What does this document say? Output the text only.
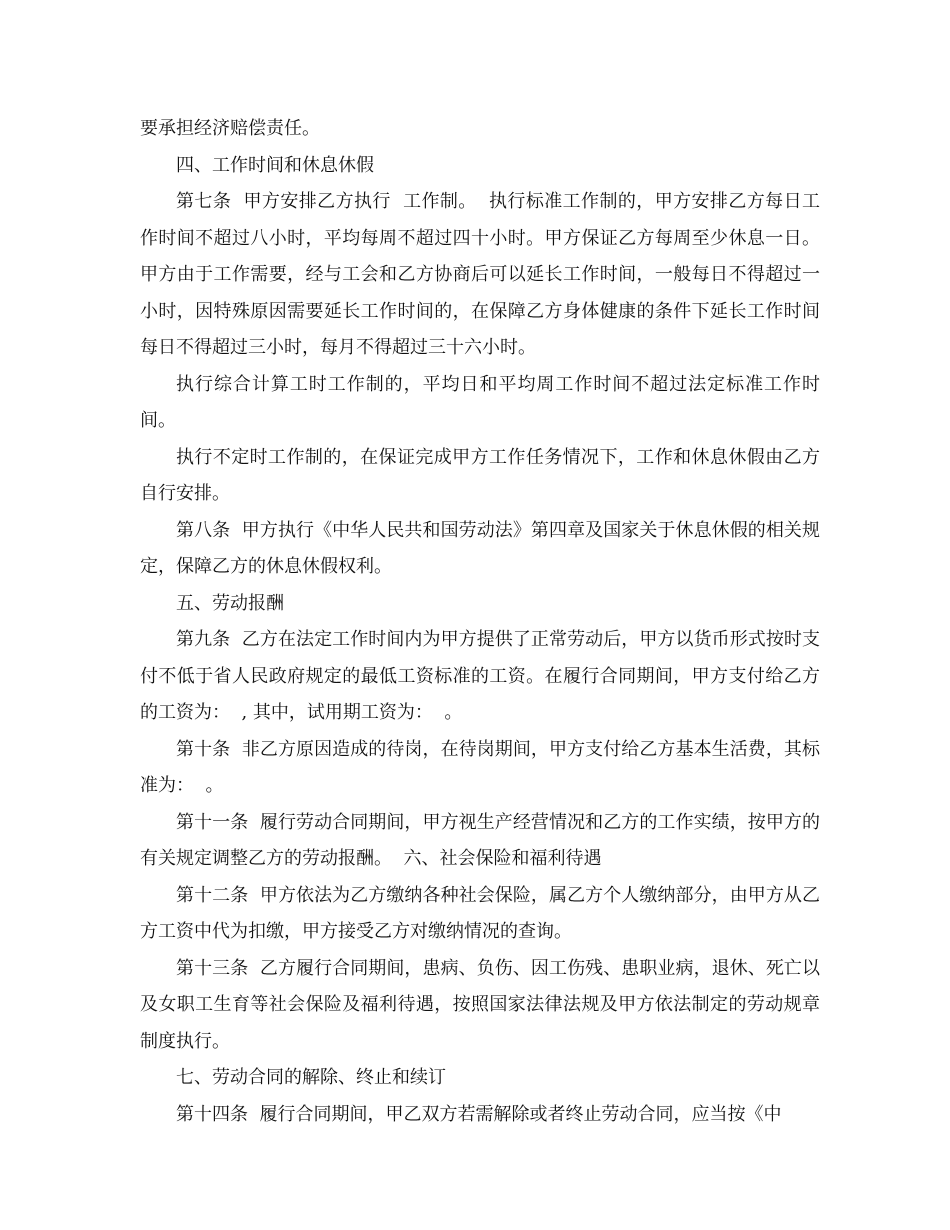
要承担经济赔偿责任。

四、工作时间和休息休假

第七条  甲方安排乙方执行  工作制。  执行标准工作制的，甲方安排乙方每日工作时间不超过八小时，平均每周不超过四十小时。甲方保证乙方每周至少休息一日。甲方由于工作需要，经与工会和乙方协商后可以延长工作时间，一般每日不得超过一小时，因特殊原因需要延长工作时间的，在保障乙方身体健康的条件下延长工作时间每日不得超过三小时，每月不得超过三十六小时。

执行综合计算工时工作制的，平均日和平均周工作时间不超过法定标准工作时间。

执行不定时工作制的，在保证完成甲方工作任务情况下，工作和休息休假由乙方自行安排。

第八条  甲方执行《中华人民共和国劳动法》第四章及国家关于休息休假的相关规定，保障乙方的休息休假权利。

五、劳动报酬

第九条  乙方在法定工作时间内为甲方提供了正常劳动后，甲方以货币形式按时支付不低于省人民政府规定的最低工资标准的工资。在履行合同期间，甲方支付给乙方的工资为：  , 其中，试用期工资为：  。

第十条  非乙方原因造成的待岗，在待岗期间，甲方支付给乙方基本生活费，其标准为：  。

第十一条  履行劳动合同期间，甲方视生产经营情况和乙方的工作实绩，按甲方的有关规定调整乙方的劳动报酬。  六、社会保险和福利待遇

第十二条  甲方依法为乙方缴纳各种社会保险，属乙方个人缴纳部分，由甲方从乙方工资中代为扣缴，甲方接受乙方对缴纳情况的查询。

第十三条  乙方履行合同期间，患病、负伤、因工伤残、患职业病，退休、死亡以及女职工生育等社会保险及福利待遇，按照国家法律法规及甲方依法制定的劳动规章制度执行。

七、劳动合同的解除、终止和续订

第十四条  履行合同期间，甲乙双方若需解除或者终止劳动合同，应当按《中
